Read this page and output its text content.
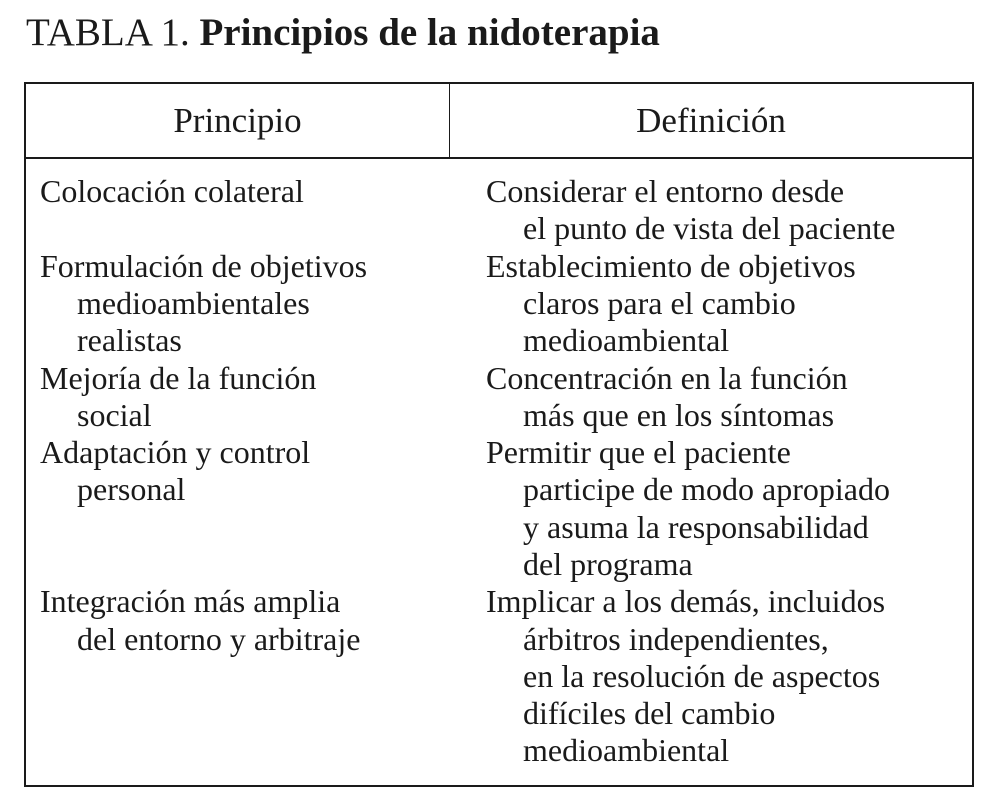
TABLA 1. Principios de la nidoterapia
Principio	Definición
Colocación colateral	Considerar el entorno desde
el punto de vista del paciente
Formulación de objetivos
medioambientales
realistas
Establecimiento de objetivos
claros para el cambio
medioambiental
Mejoría de la función
social
Concentración en la función
más que en los síntomas
Adaptación y control
personal
Permitir que el paciente
participe de modo apropiado
y asuma la responsabilidad
del programa
Integración más amplia
del entorno y arbitraje
Implicar a los demás, incluidos
árbitros independientes,
en la resolución de aspectos
difíciles del cambio
medioambiental
